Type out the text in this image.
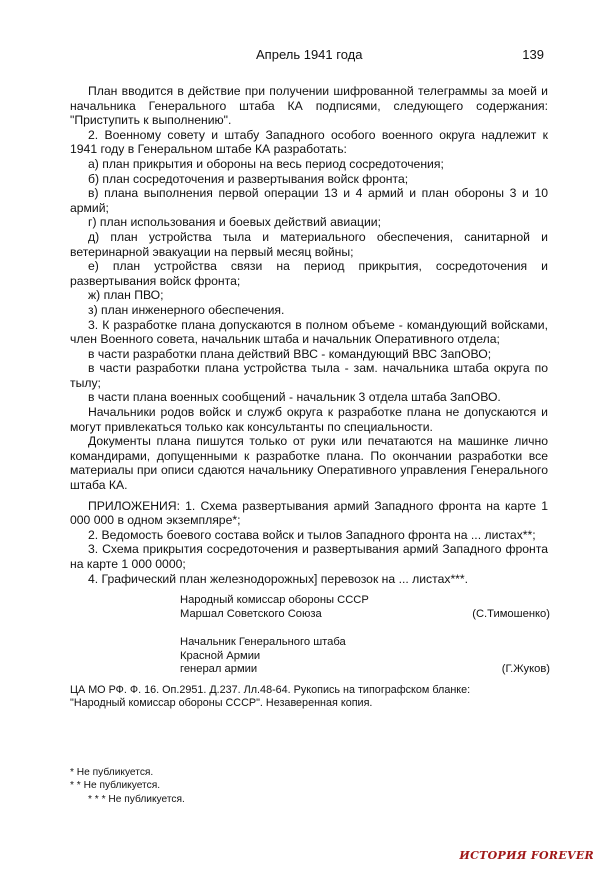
Апрель 1941 года	139

План вводится в действие при получении шифрованной телеграммы за моей и начальника Генерального штаба КА подписями, следующего содержания: "Приступить к выполнению".

2. Военному совету и штабу Западного особого военного округа надлежит к 1941 году в Генеральном штабе КА разработать:

а) план прикрытия и обороны на весь период сосредоточения;

б) план сосредоточения и развертывания войск фронта;

в) плана выполнения первой операции 13 и 4 армий и план обороны 3 и 10 армий;

г) план использования и боевых действий авиации;

д) план устройства тыла и материального обеспечения, санитарной и ветеринарной эвакуации на первый месяц войны;

е) план устройства связи на период прикрытия, сосредоточения и развертывания войск фронта;

ж) план ПВО;

з) план инженерного обеспечения.

3. К разработке плана допускаются в полном объеме - командующий войсками, член Военного совета, начальник штаба и начальник Оперативного отдела;

в части разработки плана действий ВВС - командующий ВВС ЗапОВО;

в части разработки плана устройства тыла - зам. начальника штаба округа по тылу;

в части плана военных сообщений - начальник 3 отдела штаба ЗапОВО.

Начальники родов войск и служб округа к разработке плана не допускаются и могут привлекаться только как консультанты по специальности.

Документы плана пишутся только от руки или печатаются на машинке лично командирами, допущенными к разработке плана. По окончании разработки все материалы при описи сдаются начальнику Оперативного управления Генерального штаба КА.

ПРИЛОЖЕНИЯ: 1. Схема развертывания армий Западного фронта на карте 1 000 000 в одном экземпляре*;

2. Ведомость боевого состава войск и тылов Западного фронта на ... листах**;

3. Схема прикрытия сосредоточения и развертывания армий Западного фронта на карте 1 000 0000;

4. Графический план железнодорожных] перевозок на ... листах***.

Народный комиссар обороны СССР
Маршал Советского Союза	(С.Тимошенко)
Начальник Генерального штаба
Красной Армии
генерал армии	(Г.Жуков)
ЦА МО РФ. Ф. 16. Оп.2951. Д.237. Лл.48-64. Рукопись на типографском бланке:
"Народный комиссар обороны СССР". Незаверенная копия.
* Не публикуется.
* * Не публикуется.
* * * Не публикуется.
ИСТОРИЯ FOREVER
